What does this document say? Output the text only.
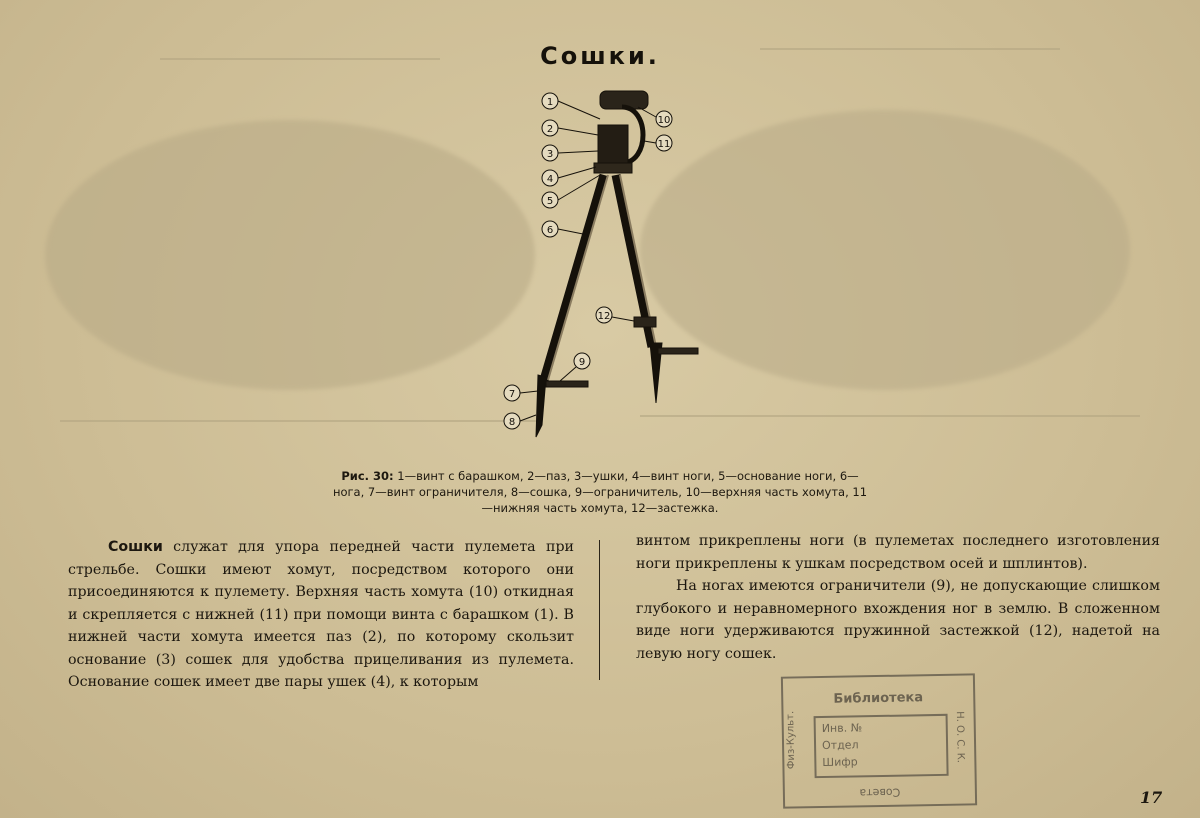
Сошки.
1
2
3
4
5
6
7
8
9
10
11
12
Рис. 30: 1—винт с барашком, 2—паз, 3—ушки, 4—винт ноги, 5—основание ноги, 6—нога, 7—винт ограничителя, 8—сошка, 9—ограничитель, 10—верхняя часть хомута, 11—нижняя часть хомута, 12—застежка.

Сошки служат для упора передней части пулемета при стрельбе. Сошки имеют хомут, посредством которого они присоединяются к пулемету. Верхняя часть хомута (10) откидная и скрепляется с нижней (11) при помощи винта с барашком (1). В нижней части хомута имеется паз (2), по которому скользит основание (3) сошек для удобства прицеливания из пулемета. Основание сошек имеет две пары ушек (4), к которым

винтом прикреплены ноги (в пулеметах последнего изготовления ноги прикреплены к ушкам посредством осей и шплинтов).

На ногах имеются ограничители (9), не допускающие слишком глубокого и неравномерного вхождения ног в землю. В сложенном виде ноги удерживаются пружинной застежкой (12), надетой на левую ногу сошек.

Библиотека
Инв. №
Отдел
Шифр
Физ-Культ.	Н. О. С. К.
Совета	17
